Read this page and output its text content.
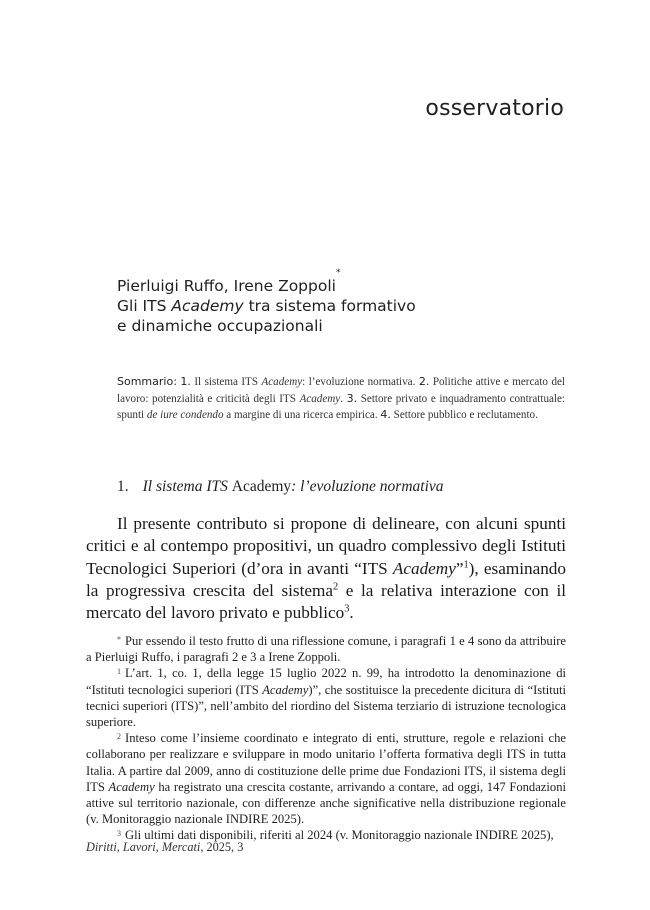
osservatorio
Pierluigi Ruffo, Irene Zoppoli*
Gli ITS Academy tra sistema formativo
e dinamiche occupazionali
Sommario: 1. Il sistema ITS Academy: l’evoluzione normativa. 2. Politiche attive e mercato del lavoro: potenzialità e criticità degli ITS Academy. 3. Settore privato e inquadramento contrattuale: spunti de iure condendo a margine di una ricerca empirica. 4. Settore pubblico e reclutamento.
1. Il sistema ITS Academy: l’evoluzione normativa
Il presente contributo si propone di delineare, con alcuni spunti critici e al contempo propositivi, un quadro complessivo degli Istituti Tecnologici Superiori (d’ora in avanti “ITS Academy”$^1$), esaminando la progressiva crescita del sistema$^2$ e la relativa interazione con il mercato del lavoro privato e pubblico$^3$.

* Pur essendo il testo frutto di una riflessione comune, i paragrafi 1 e 4 sono da attribuire a Pierluigi Ruffo, i paragrafi 2 e 3 a Irene Zoppoli.

$^1$ L’art. 1, co. 1, della legge 15 luglio 2022 n. 99, ha introdotto la denominazione di “Istituti tecnologici superiori (ITS Academy)”, che sostituisce la precedente dicitura di “Istituti tecnici superiori (ITS)”, nell’ambito del riordino del Sistema terziario di istruzione tecnologica superiore.

$^2$ Inteso come l’insieme coordinato e integrato di enti, strutture, regole e relazioni che collaborano per realizzare e sviluppare in modo unitario l’offerta formativa degli ITS in tutta Italia. A partire dal 2009, anno di costituzione delle prime due Fondazioni ITS, il sistema degli ITS Academy ha registrato una crescita costante, arrivando a contare, ad oggi, 147 Fondazioni attive sul territorio nazionale, con differenze anche significative nella distribuzione regionale (v. Monitoraggio nazionale INDIRE 2025).

$^3$ Gli ultimi dati disponibili, riferiti al 2024 (v. Monitoraggio nazionale INDIRE 2025),

Diritti, Lavori, Mercati, 2025, 3
